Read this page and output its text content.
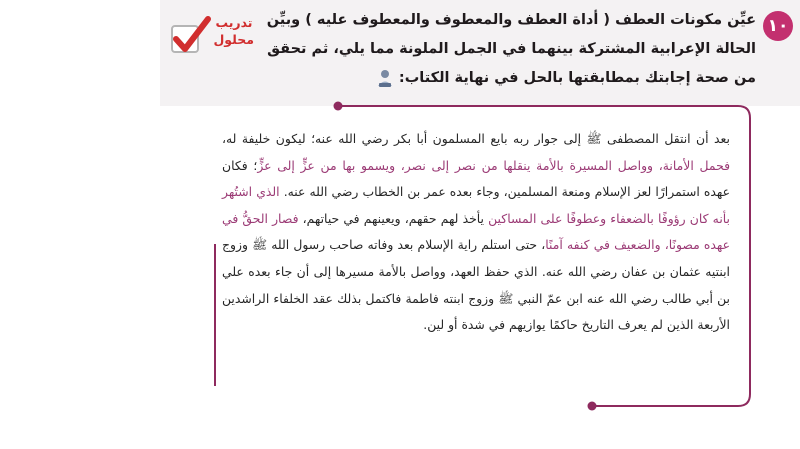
١٠
عيِّن مكونات العطف ( أداة العطف والمعطوف والمعطوف عليه ) وبيِّن الحالة الإعرابية المشتركة بينهما في الجمل الملونة مما يلي، ثم تحقق من صحة إجابتك بمطابقتها بالحل في نهاية الكتاب:
تدريب
محلول
بعد أن انتقل المصطفى ﷺ إلى جوار ربه بايع المسلمون أبا بكر رضي الله عنه؛ ليكون خليفة له، فحمل الأمانة، وواصل المسيرة بالأمة ينقلها من نصر إلى نصر، ويسمو بها من عزٍّ إلى عزٍّ؛ فكان عهده استمرارًا لعز الإسلام ومنعة المسلمين، وجاء بعده عمر بن الخطاب رضي الله عنه. الذي اشتُهر بأنه كان رؤوفًا بالضعفاء وعطوفًا على المساكين يأخذ لهم حقهم، ويعينهم في حياتهم، فصار الحقُّ في عهده مصونًا، والضعيف في كنفه آمنًا، حتى استلم راية الإسلام بعد وفاته صاحب رسول الله ﷺ وزوج ابنتيه عثمان بن عفان رضي الله عنه. الذي حفظ العهد، وواصل بالأمة مسيرها إلى أن جاء بعده علي بن أبي طالب رضي الله عنه ابن عمّ النبي ﷺ وزوج ابنته فاطمة فاكتمل بذلك عقد الخلفاء الراشدين الأربعة الذين لم يعرف التاريخ حاكمًا يوازيهم في شدة أو لين.
